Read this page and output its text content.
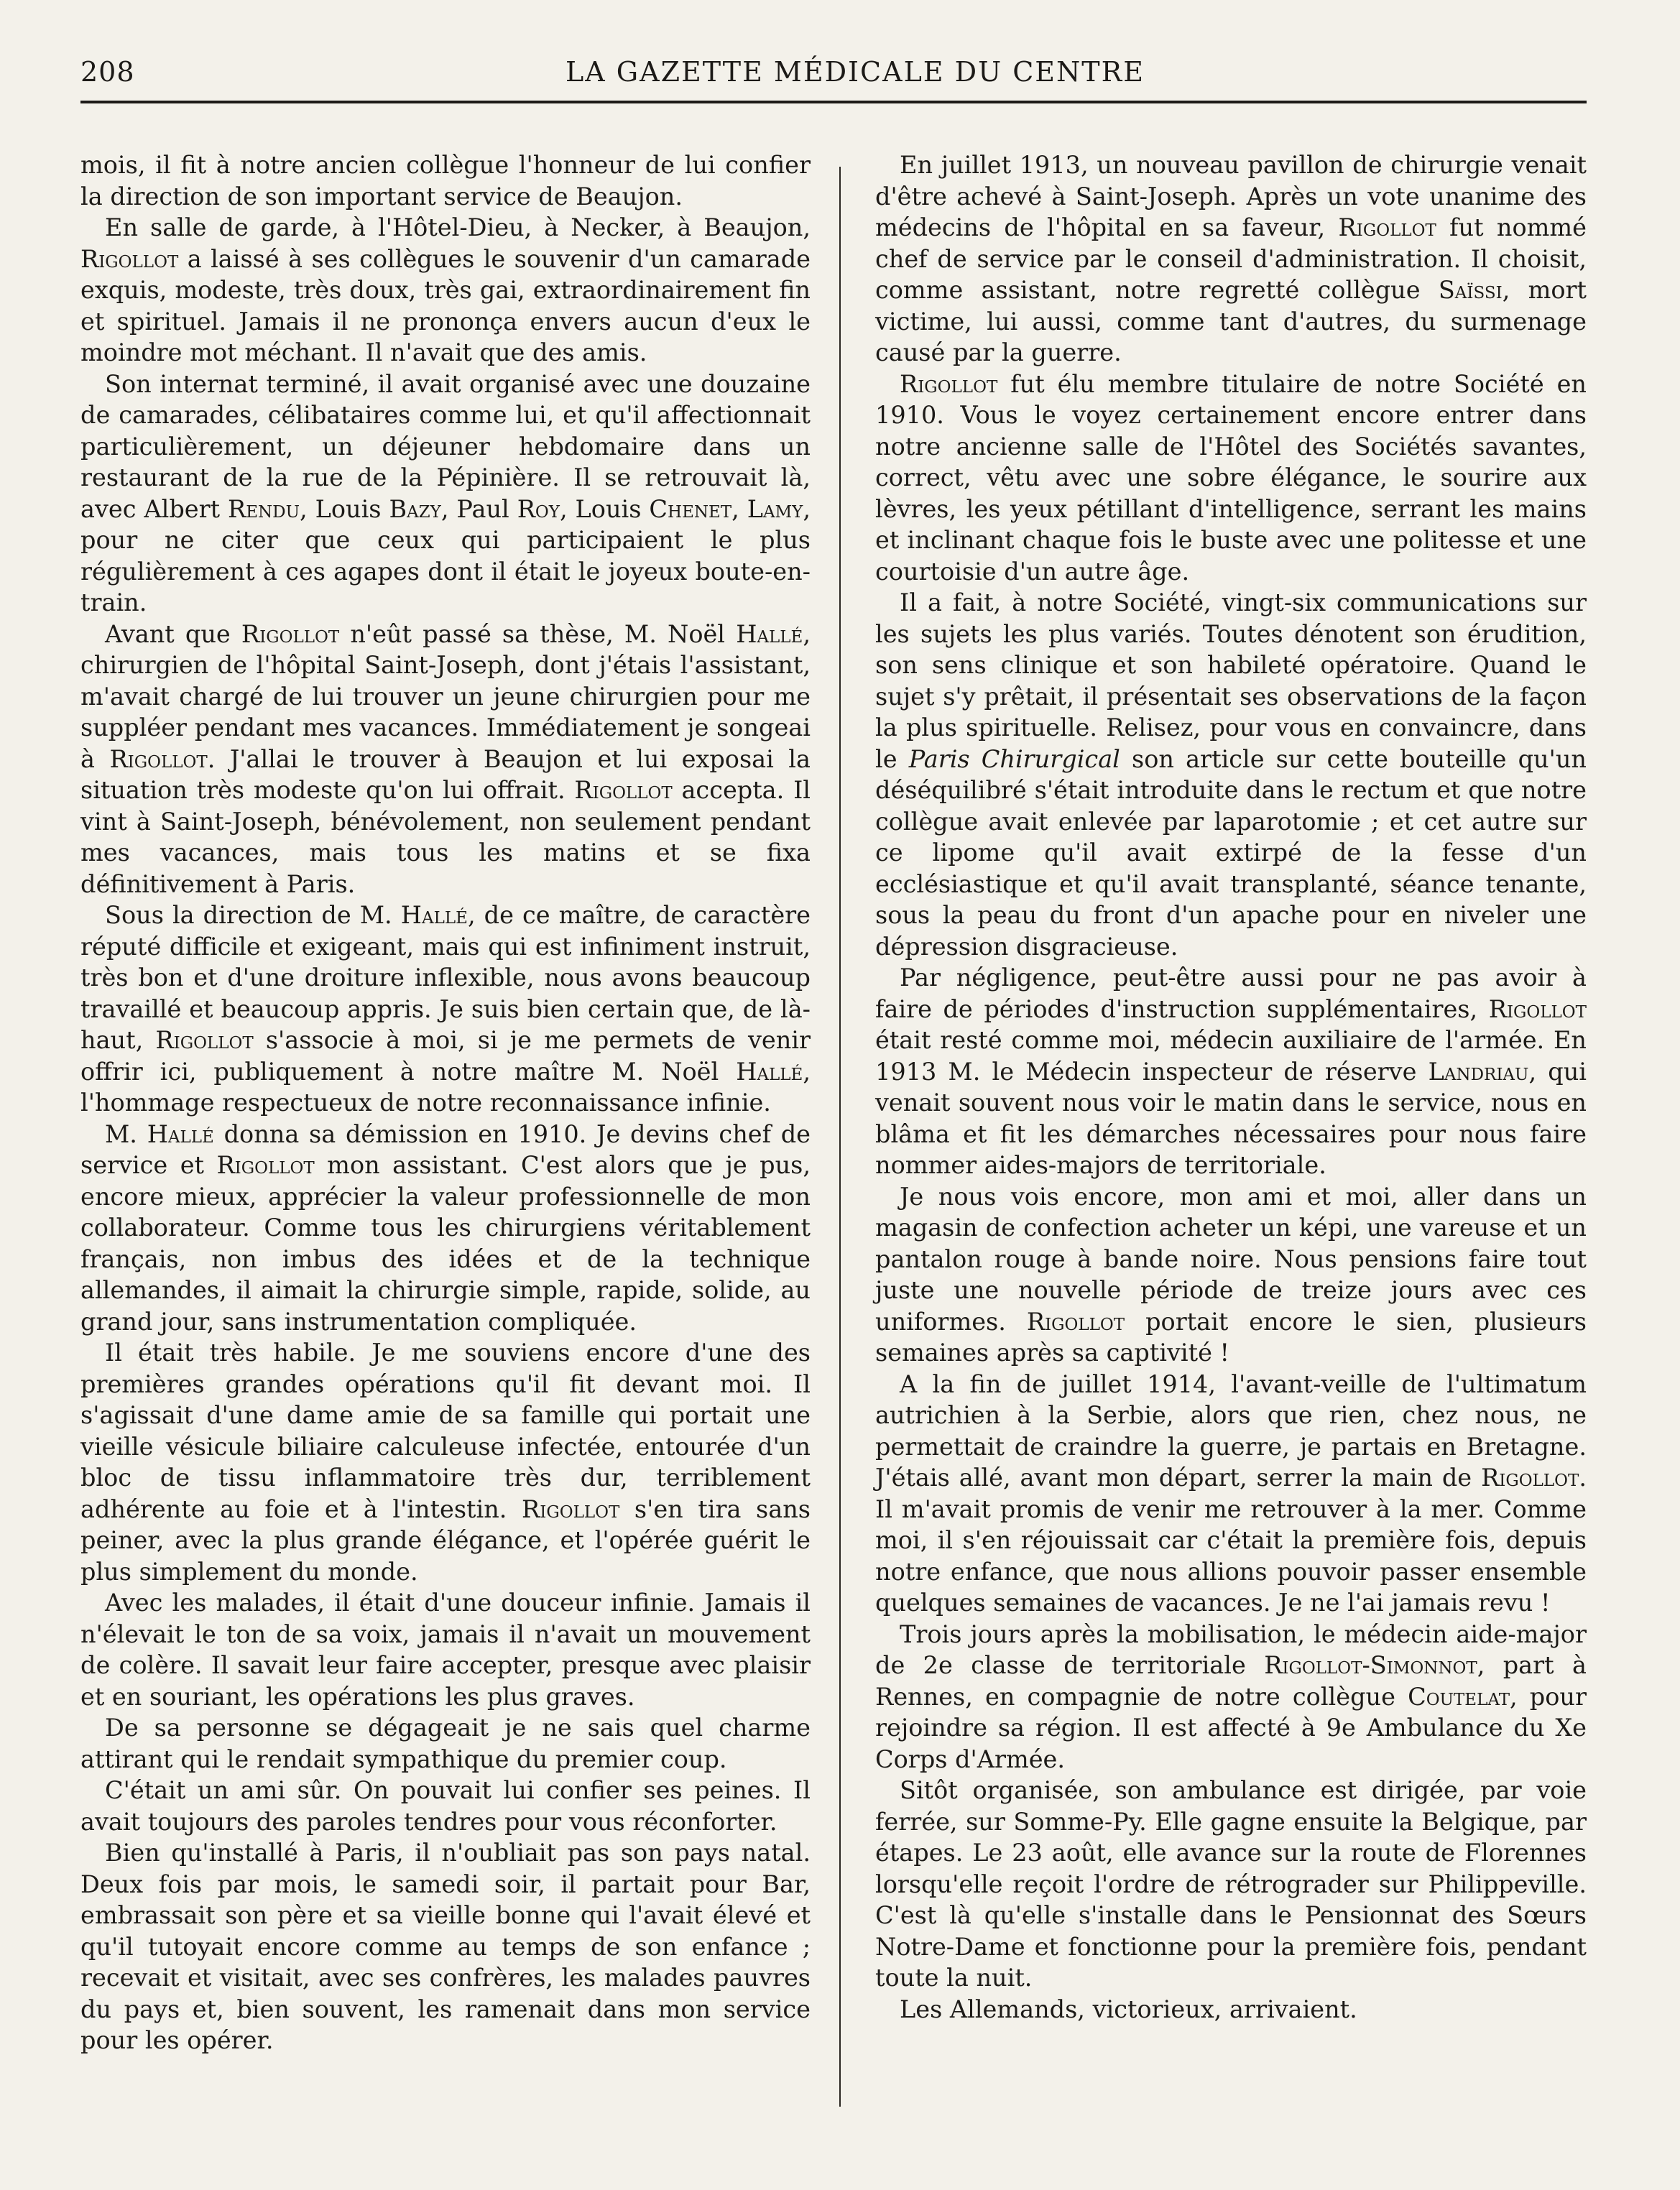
208	LA GAZETTE MÉDICALE DU CENTRE

mois, il fit à notre ancien collègue l'honneur de lui confier la direction de son important service de Beaujon.

En salle de garde, à l'Hôtel-Dieu, à Necker, à Beaujon, Rigollot a laissé à ses collègues le souvenir d'un camarade exquis, modeste, très doux, très gai, extraordinairement fin et spirituel. Jamais il ne prononça envers aucun d'eux le moindre mot méchant. Il n'avait que des amis.

Son internat terminé, il avait organisé avec une douzaine de camarades, célibataires comme lui, et qu'il affectionnait particulièrement, un déjeuner hebdomaire dans un restaurant de la rue de la Pépinière. Il se retrouvait là, avec Albert Rendu, Louis Bazy, Paul Roy, Louis Chenet, Lamy, pour ne citer que ceux qui participaient le plus régulièrement à ces agapes dont il était le joyeux boute-en-train.

Avant que Rigollot n'eût passé sa thèse, M. Noël Hallé, chirurgien de l'hôpital Saint-Joseph, dont j'étais l'assistant, m'avait chargé de lui trouver un jeune chirurgien pour me suppléer pendant mes vacances. Immédiatement je songeai à Rigollot. J'allai le trouver à Beaujon et lui exposai la situation très modeste qu'on lui offrait. Rigollot accepta. Il vint à Saint-Joseph, bénévolement, non seulement pendant mes vacances, mais tous les matins et se fixa définitivement à Paris.

Sous la direction de M. Hallé, de ce maître, de caractère réputé difficile et exigeant, mais qui est infiniment instruit, très bon et d'une droiture inflexible, nous avons beaucoup travaillé et beaucoup appris. Je suis bien certain que, de là-haut, Rigollot s'associe à moi, si je me permets de venir offrir ici, publiquement à notre maître M. Noël Hallé, l'hommage respectueux de notre reconnaissance infinie.

M. Hallé donna sa démission en 1910. Je devins chef de service et Rigollot mon assistant. C'est alors que je pus, encore mieux, apprécier la valeur professionnelle de mon collaborateur. Comme tous les chirurgiens véritablement français, non imbus des idées et de la technique allemandes, il aimait la chirurgie simple, rapide, solide, au grand jour, sans instrumentation compliquée.

Il était très habile. Je me souviens encore d'une des premières grandes opérations qu'il fit devant moi. Il s'agissait d'une dame amie de sa famille qui portait une vieille vésicule biliaire calculeuse infectée, entourée d'un bloc de tissu inflammatoire très dur, terriblement adhérente au foie et à l'intestin. Rigollot s'en tira sans peiner, avec la plus grande élégance, et l'opérée guérit le plus simplement du monde.

Avec les malades, il était d'une douceur infinie. Jamais il n'élevait le ton de sa voix, jamais il n'avait un mouvement de colère. Il savait leur faire accepter, presque avec plaisir et en souriant, les opérations les plus graves.

De sa personne se dégageait je ne sais quel charme attirant qui le rendait sympathique du premier coup.

C'était un ami sûr. On pouvait lui confier ses peines. Il avait toujours des paroles tendres pour vous réconforter.

Bien qu'installé à Paris, il n'oubliait pas son pays natal. Deux fois par mois, le samedi soir, il partait pour Bar, embrassait son père et sa vieille bonne qui l'avait élevé et qu'il tutoyait encore comme au temps de son enfance ; recevait et visitait, avec ses confrères, les malades pauvres du pays et, bien souvent, les ramenait dans mon service pour les opérer.

En juillet 1913, un nouveau pavillon de chirurgie venait d'être achevé à Saint-Joseph. Après un vote unanime des médecins de l'hôpital en sa faveur, Rigollot fut nommé chef de service par le conseil d'administration. Il choisit, comme assistant, notre regretté collègue Saïssi, mort victime, lui aussi, comme tant d'autres, du surmenage causé par la guerre.

Rigollot fut élu membre titulaire de notre Société en 1910. Vous le voyez certainement encore entrer dans notre ancienne salle de l'Hôtel des Sociétés savantes, correct, vêtu avec une sobre élégance, le sourire aux lèvres, les yeux pétillant d'intelligence, serrant les mains et inclinant chaque fois le buste avec une politesse et une courtoisie d'un autre âge.

Il a fait, à notre Société, vingt-six communications sur les sujets les plus variés. Toutes dénotent son érudition, son sens clinique et son habileté opératoire. Quand le sujet s'y prêtait, il présentait ses observations de la façon la plus spirituelle. Relisez, pour vous en convaincre, dans le Paris Chirurgical son article sur cette bouteille qu'un déséquilibré s'était introduite dans le rectum et que notre collègue avait enlevée par laparotomie ; et cet autre sur ce lipome qu'il avait extirpé de la fesse d'un ecclésiastique et qu'il avait transplanté, séance tenante, sous la peau du front d'un apache pour en niveler une dépression disgracieuse.

Par négligence, peut-être aussi pour ne pas avoir à faire de périodes d'instruction supplémentaires, Rigollot était resté comme moi, médecin auxiliaire de l'armée. En 1913 M. le Médecin inspecteur de réserve Landriau, qui venait souvent nous voir le matin dans le service, nous en blâma et fit les démarches nécessaires pour nous faire nommer aides-majors de territoriale.

Je nous vois encore, mon ami et moi, aller dans un magasin de confection acheter un képi, une vareuse et un pantalon rouge à bande noire. Nous pensions faire tout juste une nouvelle période de treize jours avec ces uniformes. Rigollot portait encore le sien, plusieurs semaines après sa captivité !

A la fin de juillet 1914, l'avant-veille de l'ultimatum autrichien à la Serbie, alors que rien, chez nous, ne permettait de craindre la guerre, je partais en Bretagne. J'étais allé, avant mon départ, serrer la main de Rigollot. Il m'avait promis de venir me retrouver à la mer. Comme moi, il s'en réjouissait car c'était la première fois, depuis notre enfance, que nous allions pouvoir passer ensemble quelques semaines de vacances. Je ne l'ai jamais revu !

Trois jours après la mobilisation, le médecin aide-major de 2e classe de territoriale Rigollot-Simonnot, part à Rennes, en compagnie de notre collègue Coutelat, pour rejoindre sa région. Il est affecté à 9e Ambulance du Xe Corps d'Armée.

Sitôt organisée, son ambulance est dirigée, par voie ferrée, sur Somme-Py. Elle gagne ensuite la Belgique, par étapes. Le 23 août, elle avance sur la route de Florennes lorsqu'elle reçoit l'ordre de rétrograder sur Philippeville. C'est là qu'elle s'installe dans le Pensionnat des Sœurs Notre-Dame et fonctionne pour la première fois, pendant toute la nuit.

Les Allemands, victorieux, arrivaient.
